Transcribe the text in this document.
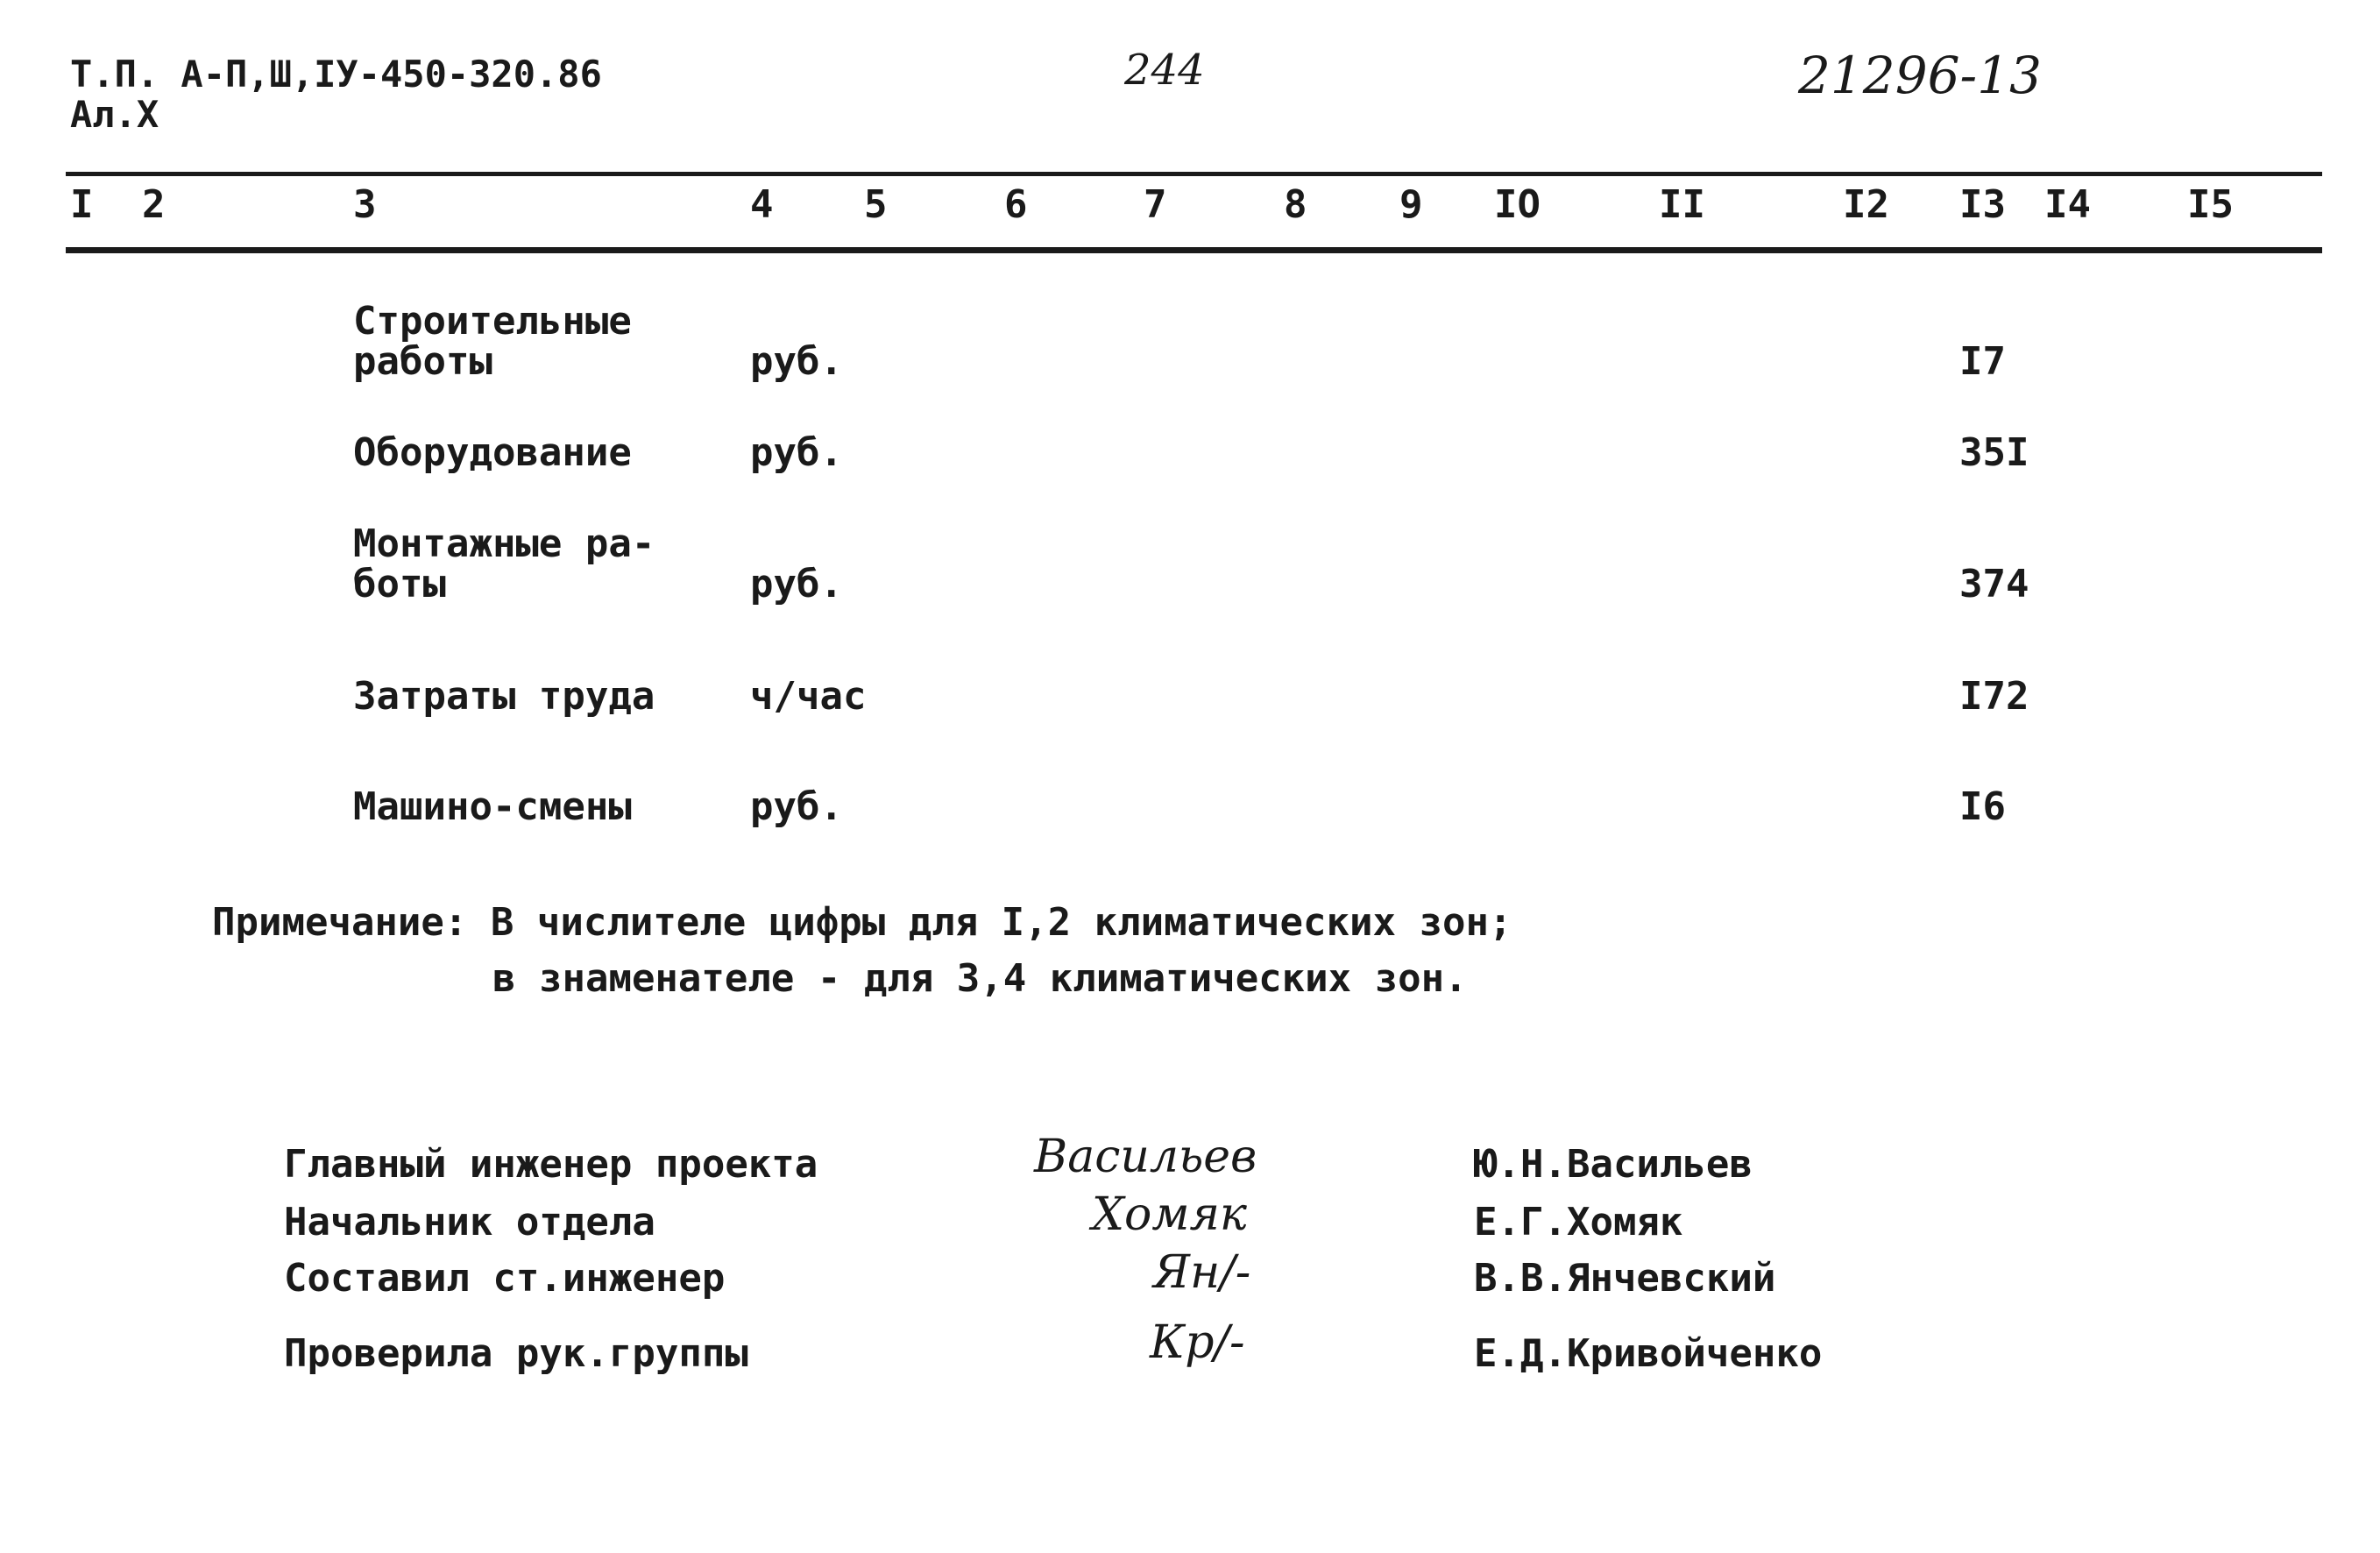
Т.П. А-П,Ш,IУ-450-320.86
Ал.Х
244	21296-13
I 2	3	4 5	6	7	8 9 IO	II	I2 I3 I4	I5
Строительные
работы	руб.	I7
Оборудование	руб.	35I
Монтажные ра-
боты	руб.	374
Затраты труда ч/час	I72
Машино-смены	руб.	I6
Примечание: В числителе цифры для I,2 климатических зон;
в знаменателе - для 3,4 климатических зон.
Главный инженер проекта	Васильев	Ю.Н.Васильев
Начальник отдела	Хомяк	Е.Г.Хомяк
Составил ст.инженер	Ян/-	В.В.Янчевский
Проверила рук.группы	Кр/-	Е.Д.Кривойченко
